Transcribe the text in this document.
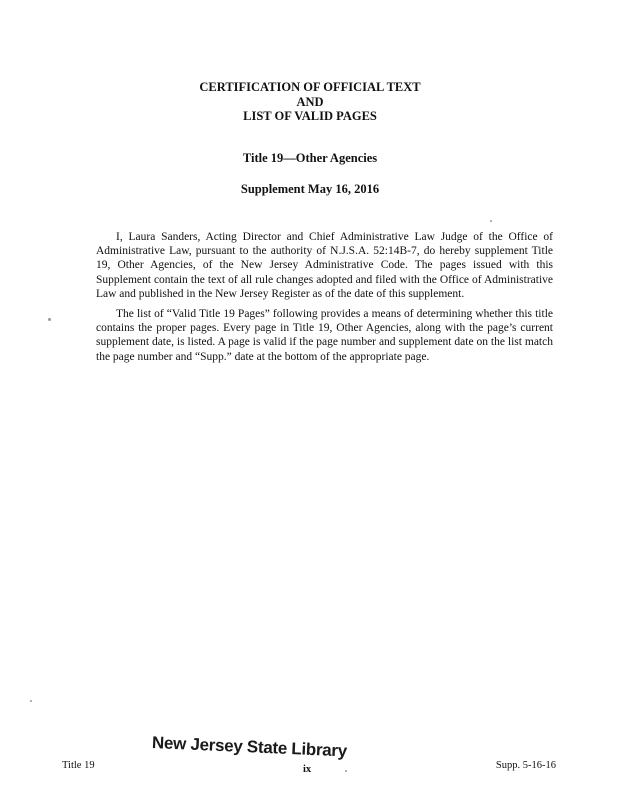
CERTIFICATION OF OFFICIAL TEXT
AND
LIST OF VALID PAGES
Title 19—Other Agencies
Supplement May 16, 2016

I, Laura Sanders, Acting Director and Chief Administrative Law Judge of the Office of Administrative Law, pursuant to the authority of N.J.S.A. 52:14B-7, do hereby supplement Title 19, Other Agencies, of the New Jersey Administrative Code. The pages issued with this Supplement contain the text of all rule changes adopted and filed with the Office of Administrative Law and published in the New Jersey Register as of the date of this supplement.

The list of “Valid Title 19 Pages” following provides a means of determining whether this title contains the proper pages. Every page in Title 19, Other Agencies, along with the page’s current supplement date, is listed. A page is valid if the page number and supplement date on the list match the page number and “Supp.” date at the bottom of the appropriate page.

New Jersey State Library
Title 19	ix	Supp. 5-16-16
